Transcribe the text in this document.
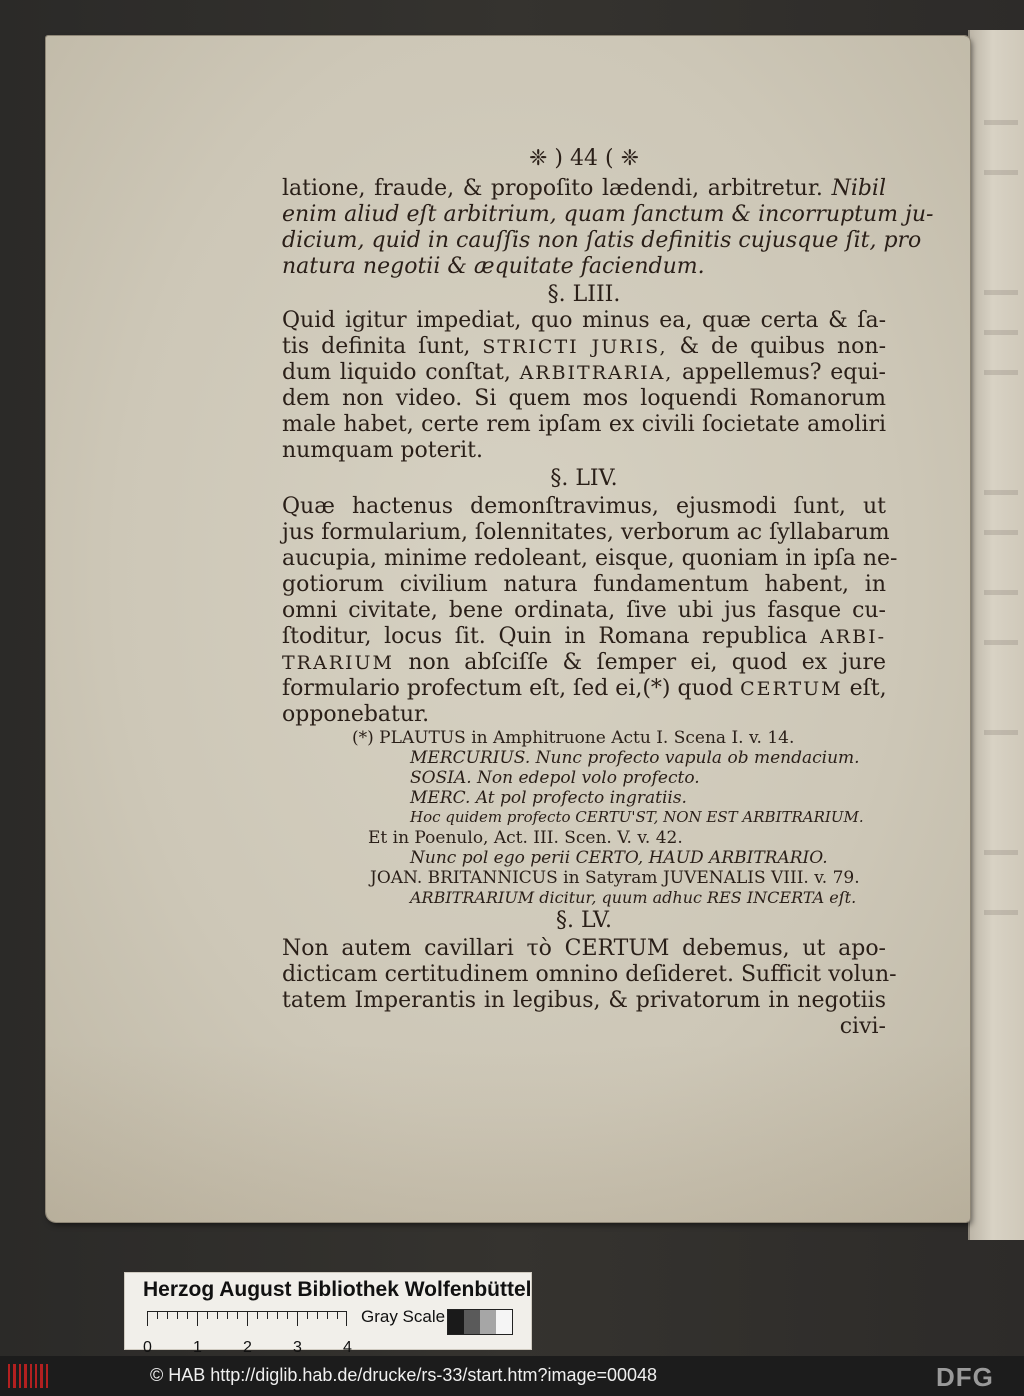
❈ ) 44 ( ❈
latione, fraude, & propoſito lædendi, arbitretur. Nibil
enim aliud eſt arbitrium, quam ſanctum & incorruptum ju-
dicium, quid in cauſſis non ſatis definitis cujusque ſit, pro
natura negotii & æquitate faciendum.
§. LIII.
Quid igitur impediat, quo minus ea, quæ certa & ſa-
tis definita ſunt, STRICTI JURIS, & de quibus non-
dum liquido conſtat, ARBITRARIA, appellemus? equi-
dem non video. Si quem mos loquendi Romanorum
male habet, certe rem ipſam ex civili ſocietate amoliri
numquam poterit.
§. LIV.
Quæ hactenus demonſtravimus, ejusmodi ſunt, ut
jus formularium, ſolennitates, verborum ac ſyllabarum
aucupia, minime redoleant, eisque, quoniam in ipſa ne-
gotiorum civilium natura fundamentum habent, in
omni civitate, bene ordinata, ſive ubi jus fasque cu-
ſtoditur, locus ſit. Quin in Romana republica ARBI-
TRARIUM non abſciſſe & ſemper ei, quod ex jure
formulario profectum eſt, ſed ei,(*) quod CERTUM eſt,
opponebatur.
(*) PLAUTUS in Amphitruone Actu I. Scena I. v. 14.
MERCURIUS. Nunc profecto vapula ob mendacium.
SOSIA. Non edepol volo profecto.
MERC. At pol profecto ingratiis.
Hoc quidem profecto CERTU'ST, NON EST ARBITRARIUM.
Et in Poenulo, Act. III. Scen. V. v. 42.
Nunc pol ego perii CERTO, HAUD ARBITRARIO.
JOAN. BRITANNICUS in Satyram JUVENALIS VIII. v. 79.
ARBITRARIUM dicitur, quum adhuc RES INCERTA eſt.
§. LV.
Non autem cavillari τὸ CERTUM debemus, ut apo-
dicticam certitudinem omnino deſideret. Sufficit volun-
tatem Imperantis in legibus, & privatorum in negotiis
civi-
Herzog August Bibliothek Wolfenbüttel
0	1	2	3	4
Gray Scale
© HAB http://diglib.hab.de/drucke/rs-33/start.htm?image=00048	DFG
